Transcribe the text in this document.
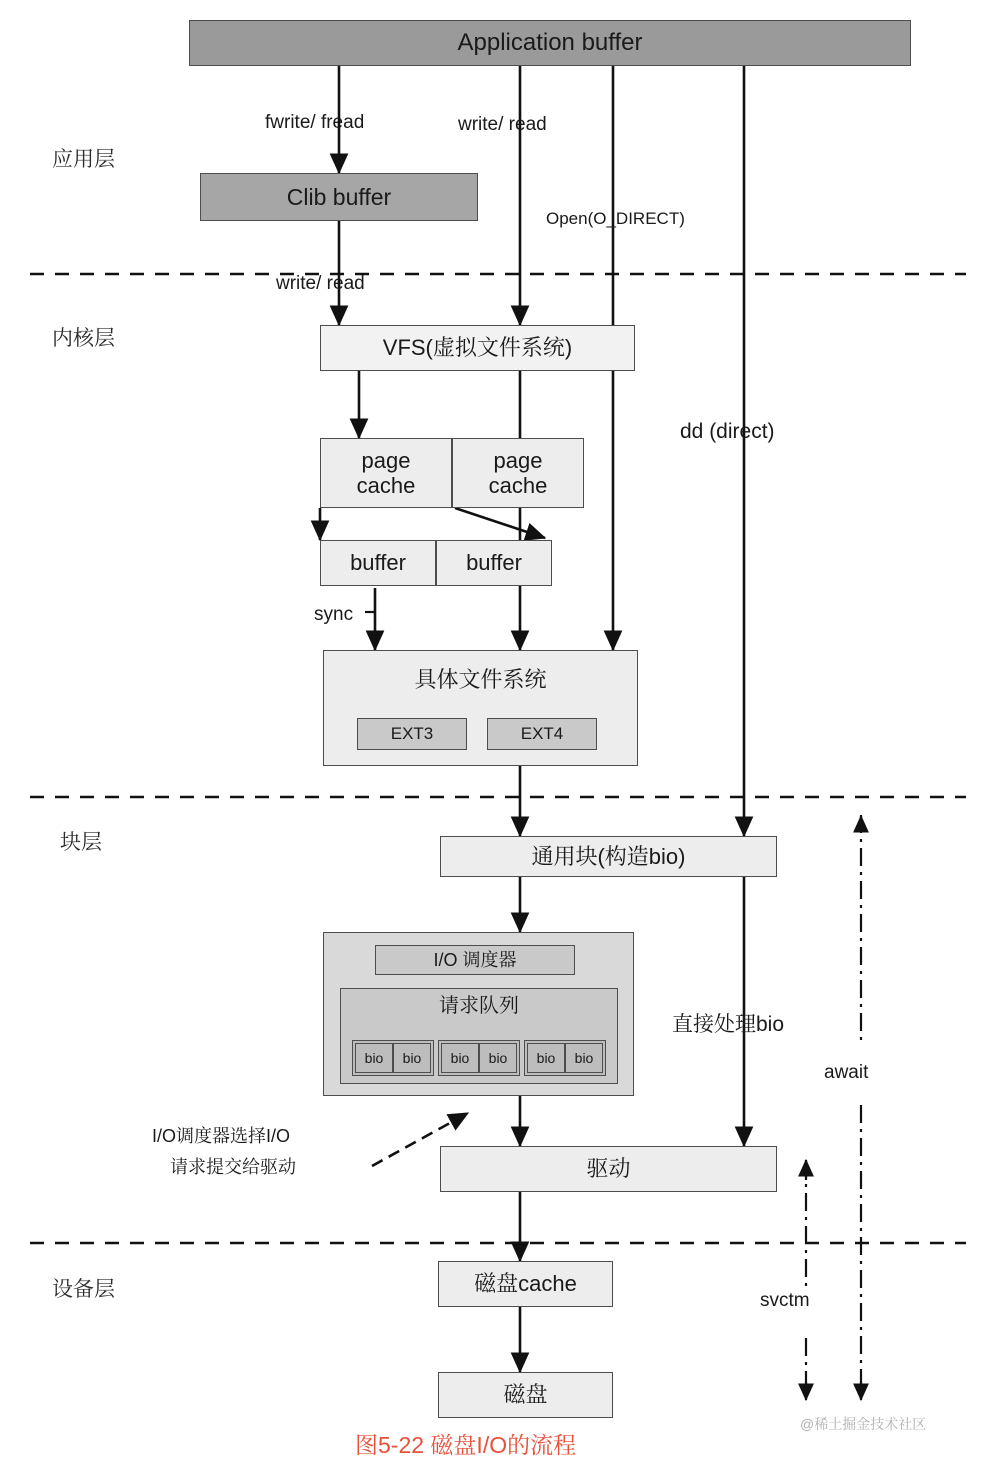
应用层
内核层
块层
设备层
Application buffer
Clib buffer
VFS(虚拟文件系统)
page
cache
page
cache
buffer	buffer
具体文件系统
EXT3	EXT4
通用块(构造bio)
I/O 调度器
请求队列
bio	bio	bio	bio	bio	bio
驱动
磁盘cache
磁盘
fwrite/ fread	write/ read
Open(O_DIRECT)
write/ read
dd (direct)
sync
直接处理bio
await
svctm
I/O调度器选择I/O
请求提交给驱动
图5-22 磁盘I/O的流程
@稀土掘金技术社区
